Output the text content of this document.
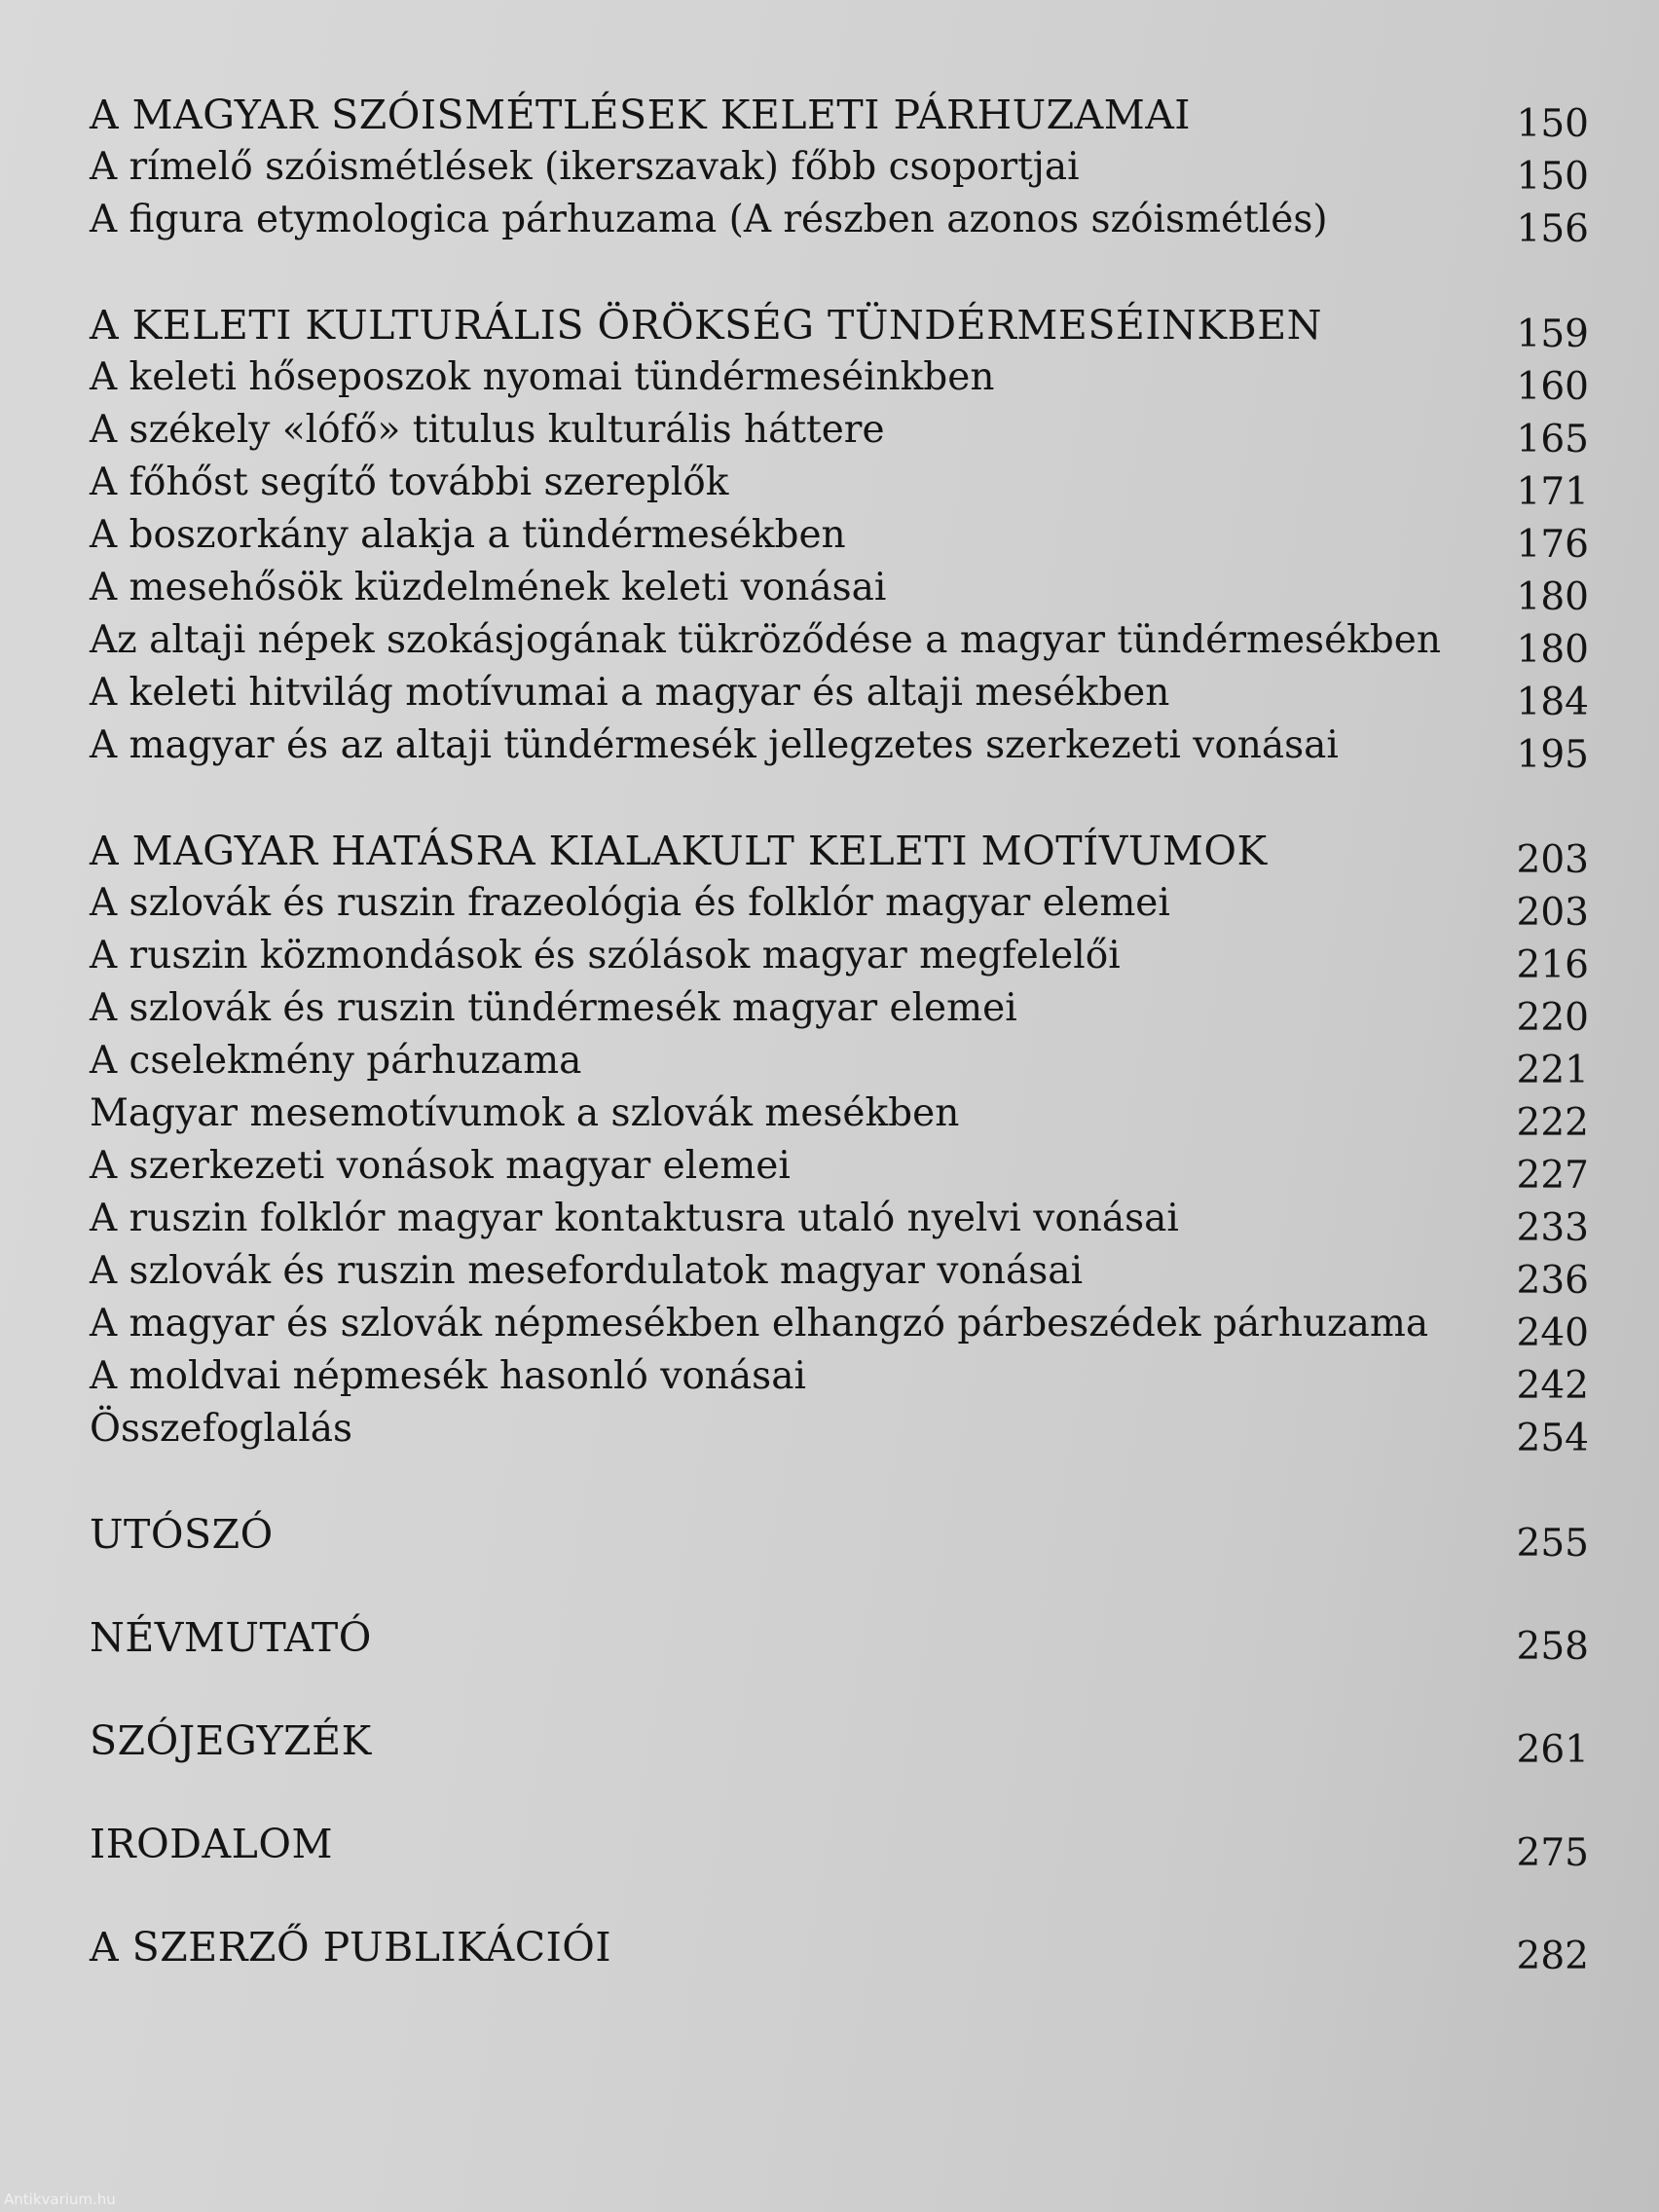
A MAGYAR SZÓISMÉTLÉSEK KELETI PÁRHUZAMAI	150
A rímelő szóismétlések (ikerszavak) főbb csoportjai	150
A figura etymologica párhuzama (A részben azonos szóismétlés)	156
A KELETI KULTURÁLIS ÖRÖKSÉG TÜNDÉRMESÉINKBEN	159
A keleti hőseposzok nyomai tündérmeséinkben	160
A székely «lófő» titulus kulturális háttere	165
A főhőst segítő további szereplők	171
A boszorkány alakja a tündérmesékben	176
A mesehősök küzdelmének keleti vonásai	180
Az altaji népek szokásjogának tükröződése a magyar tündérmesékben 180
A keleti hitvilág motívumai a magyar és altaji mesékben	184
A magyar és az altaji tündérmesék jellegzetes szerkezeti vonásai	195
A MAGYAR HATÁSRA KIALAKULT KELETI MOTÍVUMOK	203
A szlovák és ruszin frazeológia és folklór magyar elemei	203
A ruszin közmondások és szólások magyar megfelelői	216
A szlovák és ruszin tündérmesék magyar elemei	220
A cselekmény párhuzama	221
Magyar mesemotívumok a szlovák mesékben	222
A szerkezeti vonások magyar elemei	227
A ruszin folklór magyar kontaktusra utaló nyelvi vonásai	233
A szlovák és ruszin mesefordulatok magyar vonásai	236
A magyar és szlovák népmesékben elhangzó párbeszédek párhuzama 240
A moldvai népmesék hasonló vonásai	242
Összefoglalás	254
UTÓSZÓ	255
NÉVMUTATÓ	258
SZÓJEGYZÉK	261
IRODALOM	275
A SZERZŐ PUBLIKÁCIÓI	282
Antikvarium.hu
